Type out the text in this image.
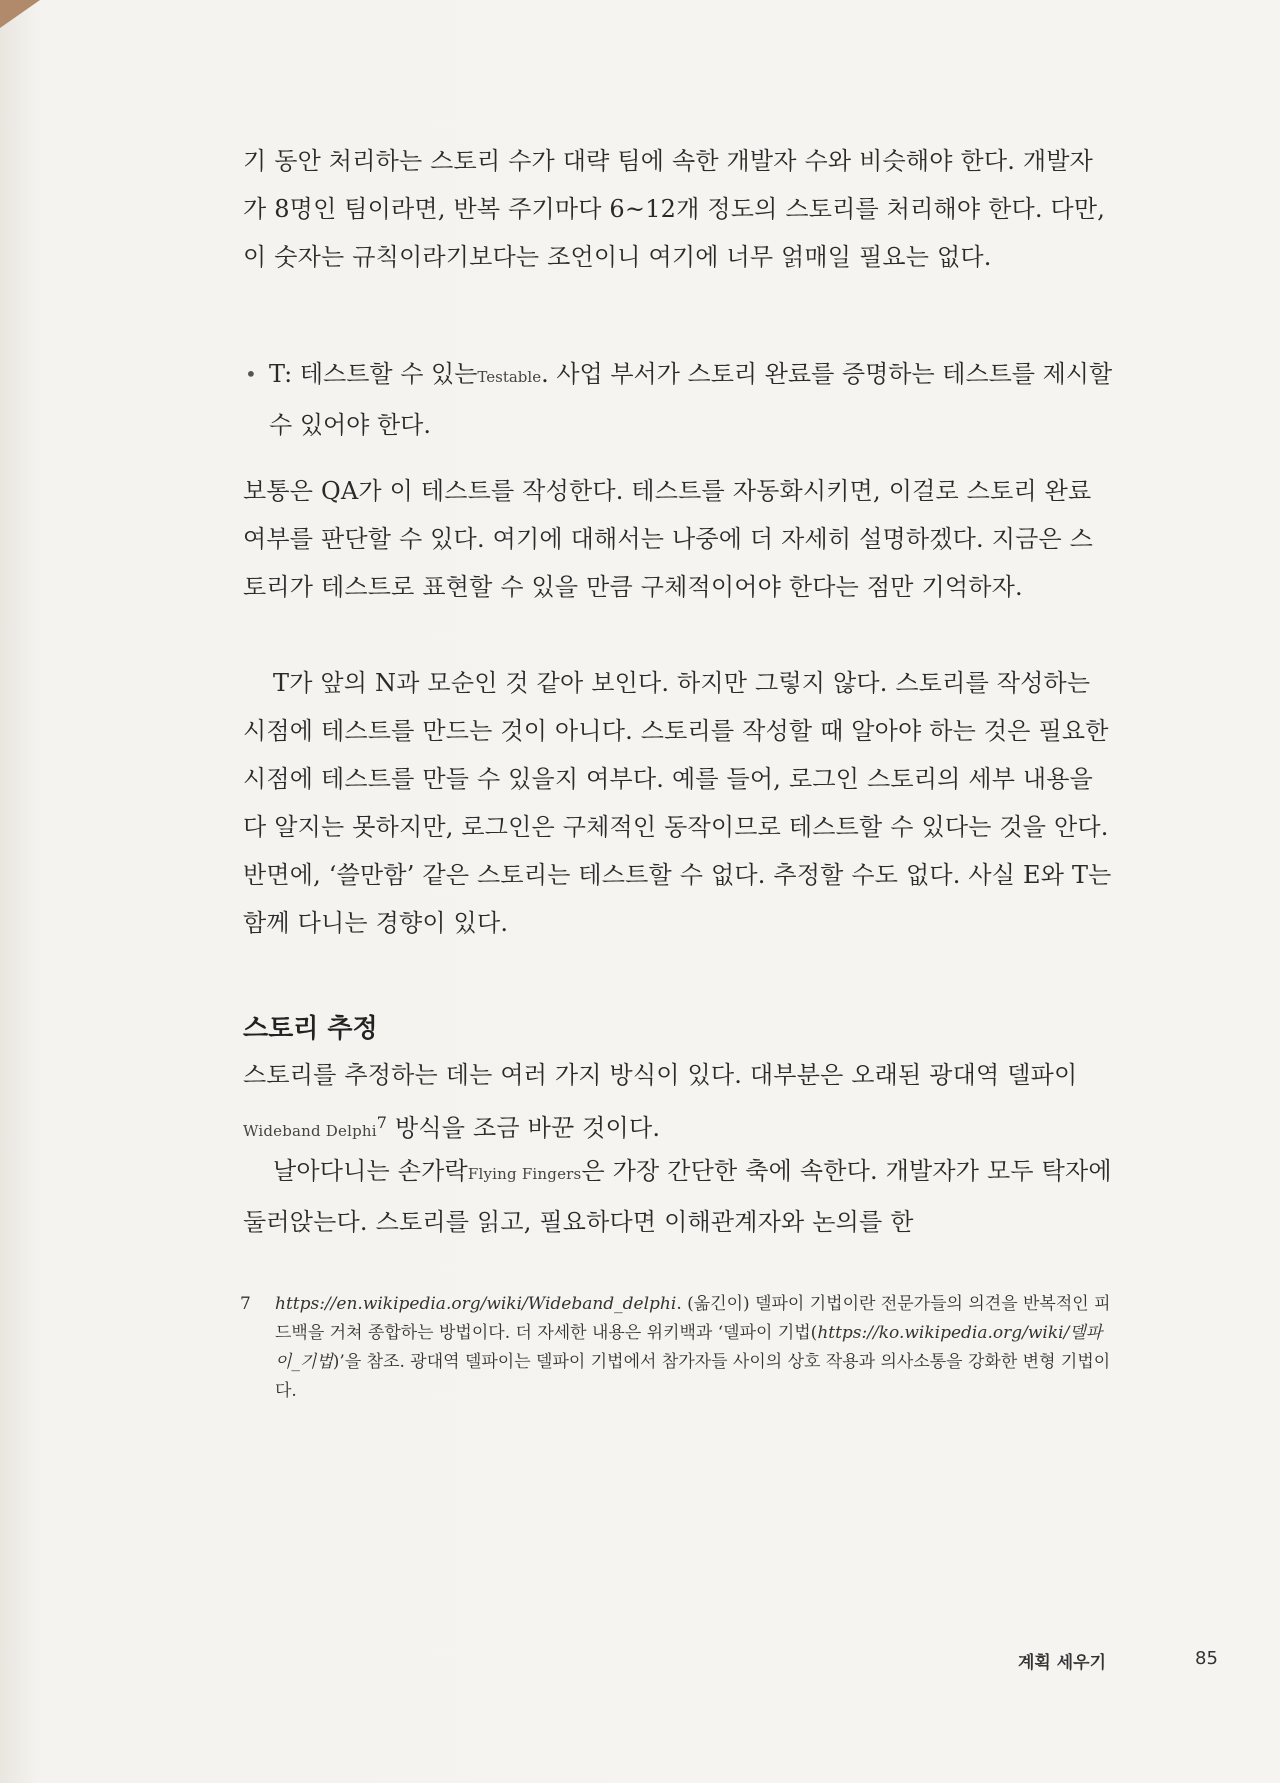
기 동안 처리하는 스토리 수가 대략 팀에 속한 개발자 수와 비슷해야 한다. 개발자가 8명인 팀이라면, 반복 주기마다 6~12개 정도의 스토리를 처리해야 한다. 다만, 이 숫자는 규칙이라기보다는 조언이니 여기에 너무 얽매일 필요는 없다.

• T: 테스트할 수 있는Testable. 사업 부서가 스토리 완료를 증명하는 테스트를 제시할 수 있어야 한다.

보통은 QA가 이 테스트를 작성한다. 테스트를 자동화시키면, 이걸로 스토리 완료 여부를 판단할 수 있다. 여기에 대해서는 나중에 더 자세히 설명하겠다. 지금은 스토리가 테스트로 표현할 수 있을 만큼 구체적이어야 한다는 점만 기억하자.

T가 앞의 N과 모순인 것 같아 보인다. 하지만 그렇지 않다. 스토리를 작성하는 시점에 테스트를 만드는 것이 아니다. 스토리를 작성할 때 알아야 하는 것은 필요한 시점에 테스트를 만들 수 있을지 여부다. 예를 들어, 로그인 스토리의 세부 내용을 다 알지는 못하지만, 로그인은 구체적인 동작이므로 테스트할 수 있다는 것을 안다. 반면에, ‘쓸만함’ 같은 스토리는 테스트할 수 없다. 추정할 수도 없다. 사실 E와 T는 함께 다니는 경향이 있다.

스토리 추정

스토리를 추정하는 데는 여러 가지 방식이 있다. 대부분은 오래된 광대역 델파이Wideband Delphi$^7$ 방식을 조금 바꾼 것이다.

날아다니는 손가락Flying Fingers은 가장 간단한 축에 속한다. 개발자가 모두 탁자에 둘러앉는다. 스토리를 읽고, 필요하다면 이해관계자와 논의를 한

7	https://en.wikipedia.org/wiki/Wideband_delphi. (옮긴이) 델파이 기법이란 전문가들의 의견을 반복적인 피드백을 거쳐 종합하는 방법이다. 더 자세한 내용은 위키백과 ‘델파이 기법(https://ko.wikipedia.org/wiki/델파이_기법)’을 참조. 광대역 델파이는 델파이 기법에서 참가자들 사이의 상호 작용과 의사소통을 강화한 변형 기법이다.
계획 세우기	85
